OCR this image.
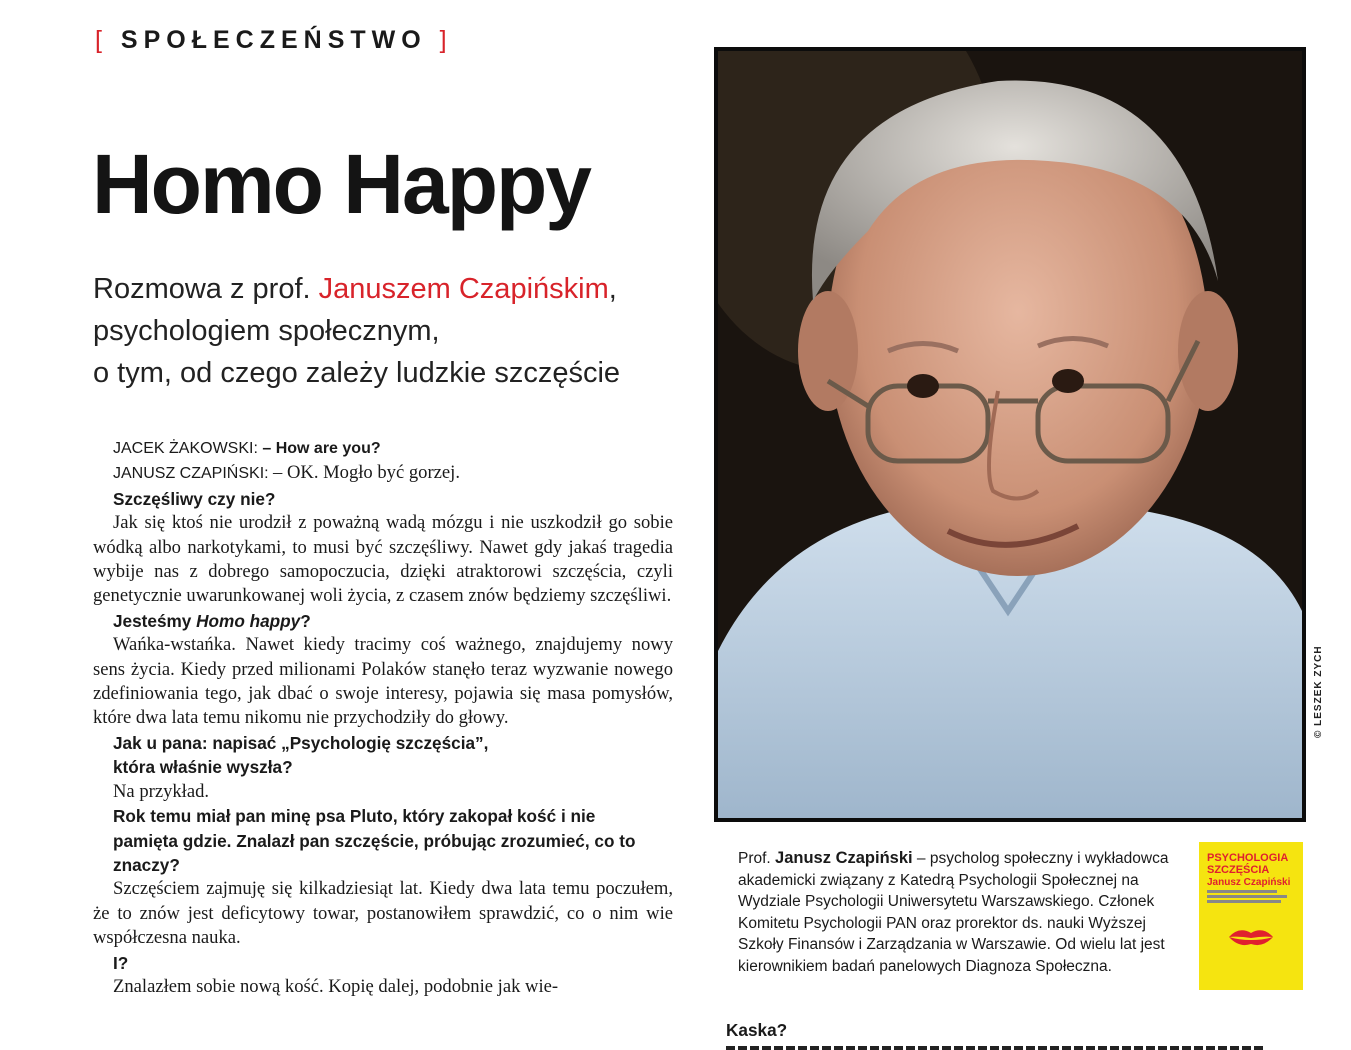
[ SPOŁECZEŃSTWO ]
Homo Happy
Rozmowa z prof. Januszem Czapińskim,
psychologiem społecznym,
o tym, od czego zależy ludzkie szczęście

JACEK ŻAKOWSKI: – How are you?

JANUSZ CZAPIŃSKI: – OK. Mogło być gorzej.

Szczęśliwy czy nie?

Jak się ktoś nie urodził z poważną wadą mózgu i nie uszkodził go sobie wódką albo narkotykami, to musi być szczęśliwy. Nawet gdy jakaś tragedia wybije nas z dobrego samopoczucia, dzięki atraktorowi szczęścia, czyli genetycznie uwarunkowanej woli życia, z czasem znów będziemy szczęśliwi.

Jesteśmy Homo happy?

Wańka-wstańka. Nawet kiedy tracimy coś ważnego, znajdujemy nowy sens życia. Kiedy przed milionami Polaków stanęło teraz wyzwanie nowego zdefiniowania tego, jak dbać o swoje interesy, pojawia się masa pomysłów, które dwa lata temu nikomu nie przychodziły do głowy.

Jak u pana: napisać „Psychologię szczęścia”, która właśnie wyszła?

Na przykład.

Rok temu miał pan minę psa Pluto, który zakopał kość i nie pamięta gdzie. Znalazł pan szczęście, próbując zrozumieć, co to znaczy?

Szczęściem zajmuję się kilkadziesiąt lat. Kiedy dwa lata temu poczułem, że to znów jest deficytowy towar, postanowiłem sprawdzić, co o nim wie współczesna nauka.

I?

Znalazłem sobie nową kość. Kopię dalej, podobnie jak wie-

© LESZEK ZYCH
Prof. Janusz Czapiński – psycholog społeczny i wykładowca akademicki związany z Katedrą Psychologii Społecznej na Wydziale Psychologii Uniwersytetu Warszawskiego. Członek Komitetu Psychologii PAN oraz prorektor ds. nauki Wyższej Szkoły Finansów i Zarządzania w Warszawie. Od wielu lat jest kierownikiem badań panelowych Diagnoza Społeczna.
PSYCHOLOGIA
SZCZĘŚCIA
Janusz Czapiński
Kaska?
